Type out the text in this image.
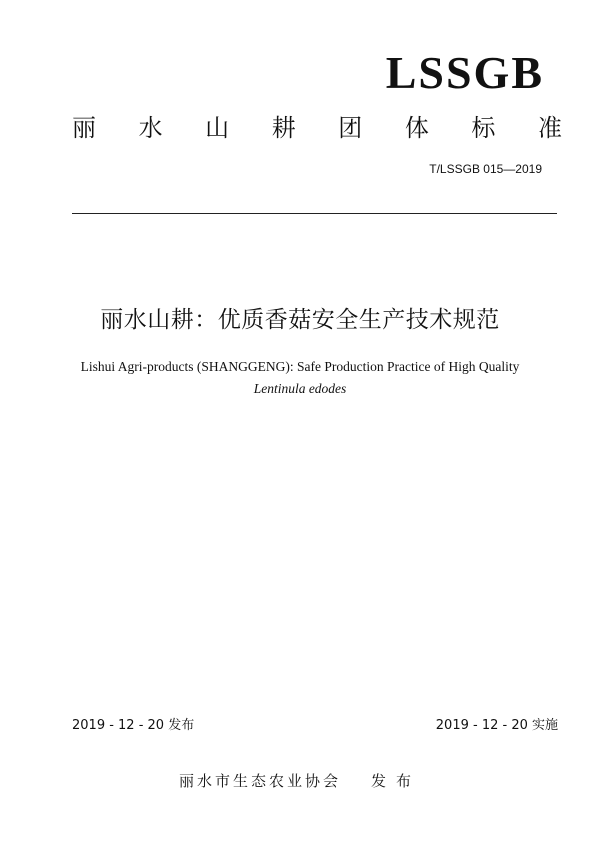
LSSGB
丽 水 山 耕 团 体 标 准
T/LSSGB 015—2019
丽水山耕：优质香菇安全生产技术规范
Lishui Agri-products (SHANGGENG): Safe Production Practice of High Quality
Lentinula edodes
2019 - 12 - 20 发布	2019 - 12 - 20 实施
丽水市生态农业协会 发布
